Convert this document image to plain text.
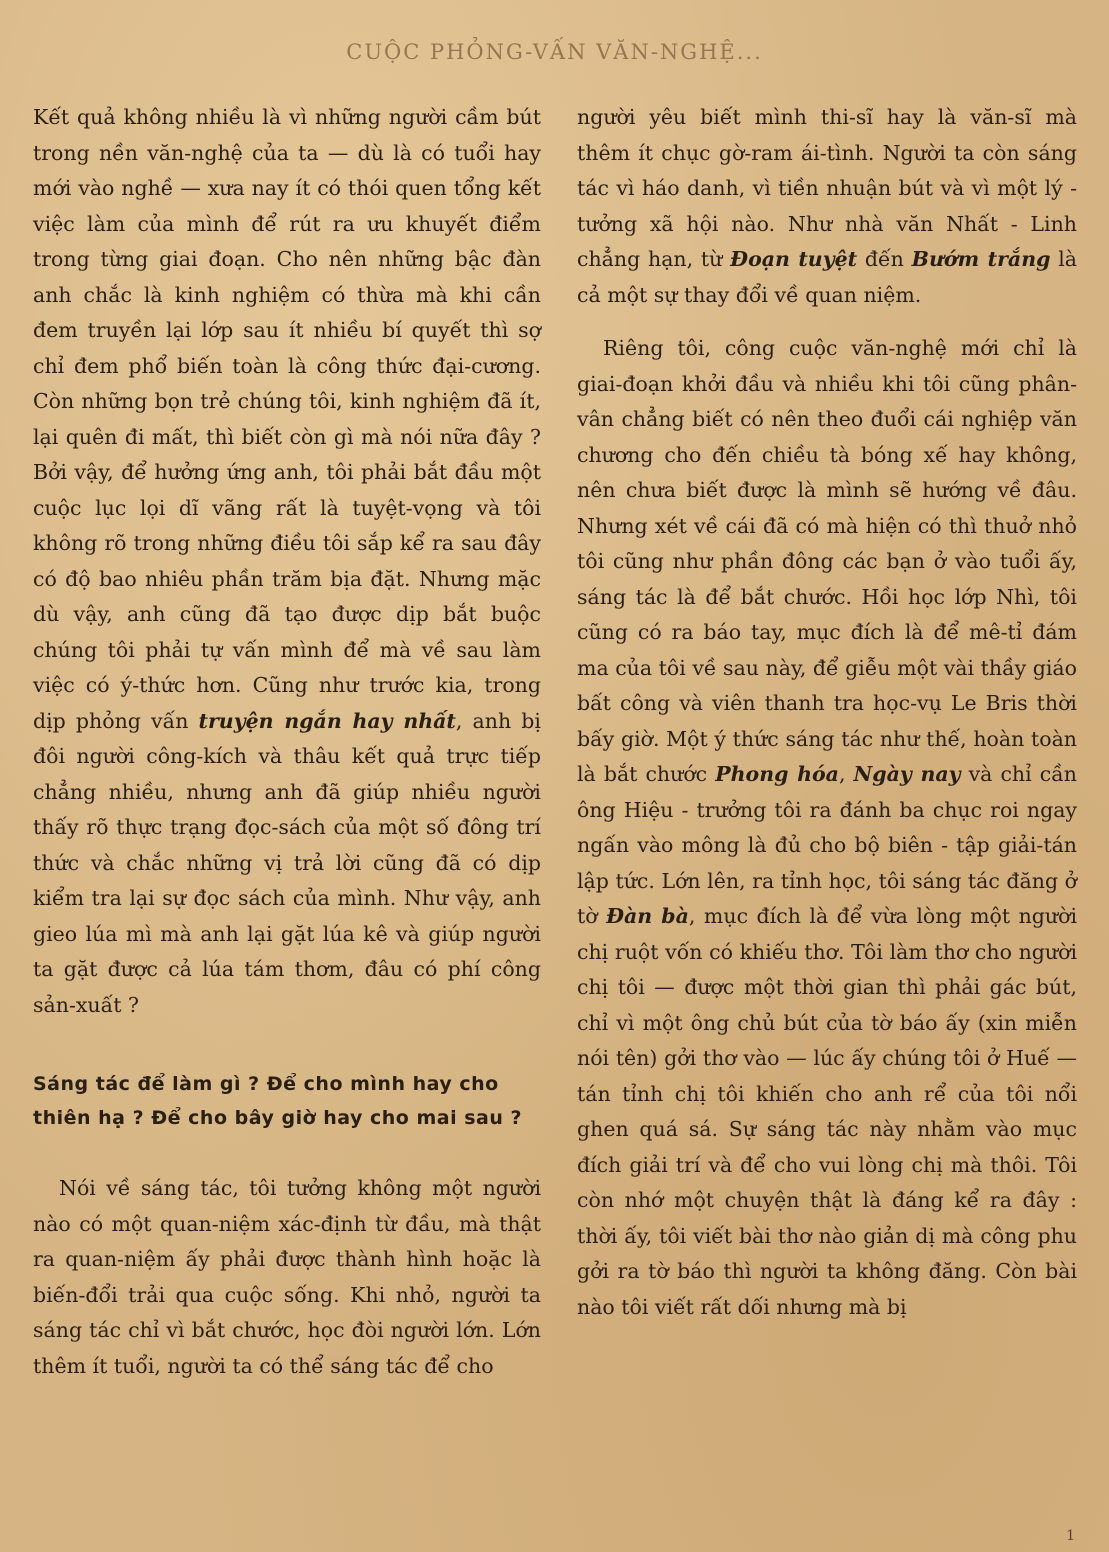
CUỘC PHỎNG-VẤN VĂN-NGHỆ...

Kết quả không nhiều là vì những người cầm bút trong nền văn-nghệ của ta — dù là có tuổi hay mới vào nghề — xưa nay ít có thói quen tổng kết việc làm của mình để rút ra ưu khuyết điểm trong từng giai đoạn. Cho nên những bậc đàn anh chắc là kinh nghiệm có thừa mà khi cần đem truyền lại lớp sau ít nhiều bí quyết thì sợ chỉ đem phổ biến toàn là công thức đại-cương. Còn những bọn trẻ chúng tôi, kinh nghiệm đã ít, lại quên đi mất, thì biết còn gì mà nói nữa đây ? Bởi vậy, để hưởng ứng anh, tôi phải bắt đầu một cuộc lục lọi dĩ vãng rất là tuyệt-vọng và tôi không rõ trong những điều tôi sắp kể ra sau đây có độ bao nhiêu phần trăm bịa đặt. Nhưng mặc dù vậy, anh cũng đã tạo được dịp bắt buộc chúng tôi phải tự vấn mình để mà về sau làm việc có ý-thức hơn. Cũng như trước kia, trong dịp phỏng vấn truyện ngắn hay nhất, anh bị đôi người công-kích và thâu kết quả trực tiếp chẳng nhiều, nhưng anh đã giúp nhiều người thấy rõ thực trạng đọc-sách của một số đông trí thức và chắc những vị trả lời cũng đã có dịp kiểm tra lại sự đọc sách của mình. Như vậy, anh gieo lúa mì mà anh lại gặt lúa kê và giúp người ta gặt được cả lúa tám thơm, đâu có phí công sản-xuất ?

Sáng tác để làm gì ? Để cho mình hay cho thiên hạ ? Để cho bây giờ hay cho mai sau ?

Nói về sáng tác, tôi tưởng không một người nào có một quan-niệm xác-định từ đầu, mà thật ra quan-niệm ấy phải được thành hình hoặc là biến-đổi trải qua cuộc sống. Khi nhỏ, người ta sáng tác chỉ vì bắt chước, học đòi người lớn. Lớn thêm ít tuổi, người ta có thể sáng tác để cho

người yêu biết mình thi-sĩ hay là văn-sĩ mà thêm ít chục gờ-ram ái-tình. Người ta còn sáng tác vì háo danh, vì tiền nhuận bút và vì một lý - tưởng xã hội nào. Như nhà văn Nhất - Linh chẳng hạn, từ Đoạn tuyệt đến Bướm trắng là cả một sự thay đổi về quan niệm.

Riêng tôi, công cuộc văn-nghệ mới chỉ là giai-đoạn khởi đầu và nhiều khi tôi cũng phân-vân chẳng biết có nên theo đuổi cái nghiệp văn chương cho đến chiều tà bóng xế hay không, nên chưa biết được là mình sẽ hướng về đâu. Nhưng xét về cái đã có mà hiện có thì thuở nhỏ tôi cũng như phần đông các bạn ở vào tuổi ấy, sáng tác là để bắt chước. Hồi học lớp Nhì, tôi cũng có ra báo tay, mục đích là để mê-tỉ đám ma của tôi về sau này, để giễu một vài thầy giáo bất công và viên thanh tra học-vụ Le Bris thời bấy giờ. Một ý thức sáng tác như thế, hoàn toàn là bắt chước Phong hóa, Ngày nay và chỉ cần ông Hiệu - trưởng tôi ra đánh ba chục roi ngay ngấn vào mông là đủ cho bộ biên - tập giải-tán lập tức. Lớn lên, ra tỉnh học, tôi sáng tác đăng ở tờ Đàn bà, mục đích là để vừa lòng một người chị ruột vốn có khiếu thơ. Tôi làm thơ cho người chị tôi — được một thời gian thì phải gác bút, chỉ vì một ông chủ bút của tờ báo ấy (xin miễn nói tên) gởi thơ vào — lúc ấy chúng tôi ở Huế — tán tỉnh chị tôi khiến cho anh rể của tôi nổi ghen quá sá. Sự sáng tác này nhằm vào mục đích giải trí và để cho vui lòng chị mà thôi. Tôi còn nhớ một chuyện thật là đáng kể ra đây : thời ấy, tôi viết bài thơ nào giản dị mà công phu gởi ra tờ báo thì người ta không đăng. Còn bài nào tôi viết rất dối nhưng mà bị

1
